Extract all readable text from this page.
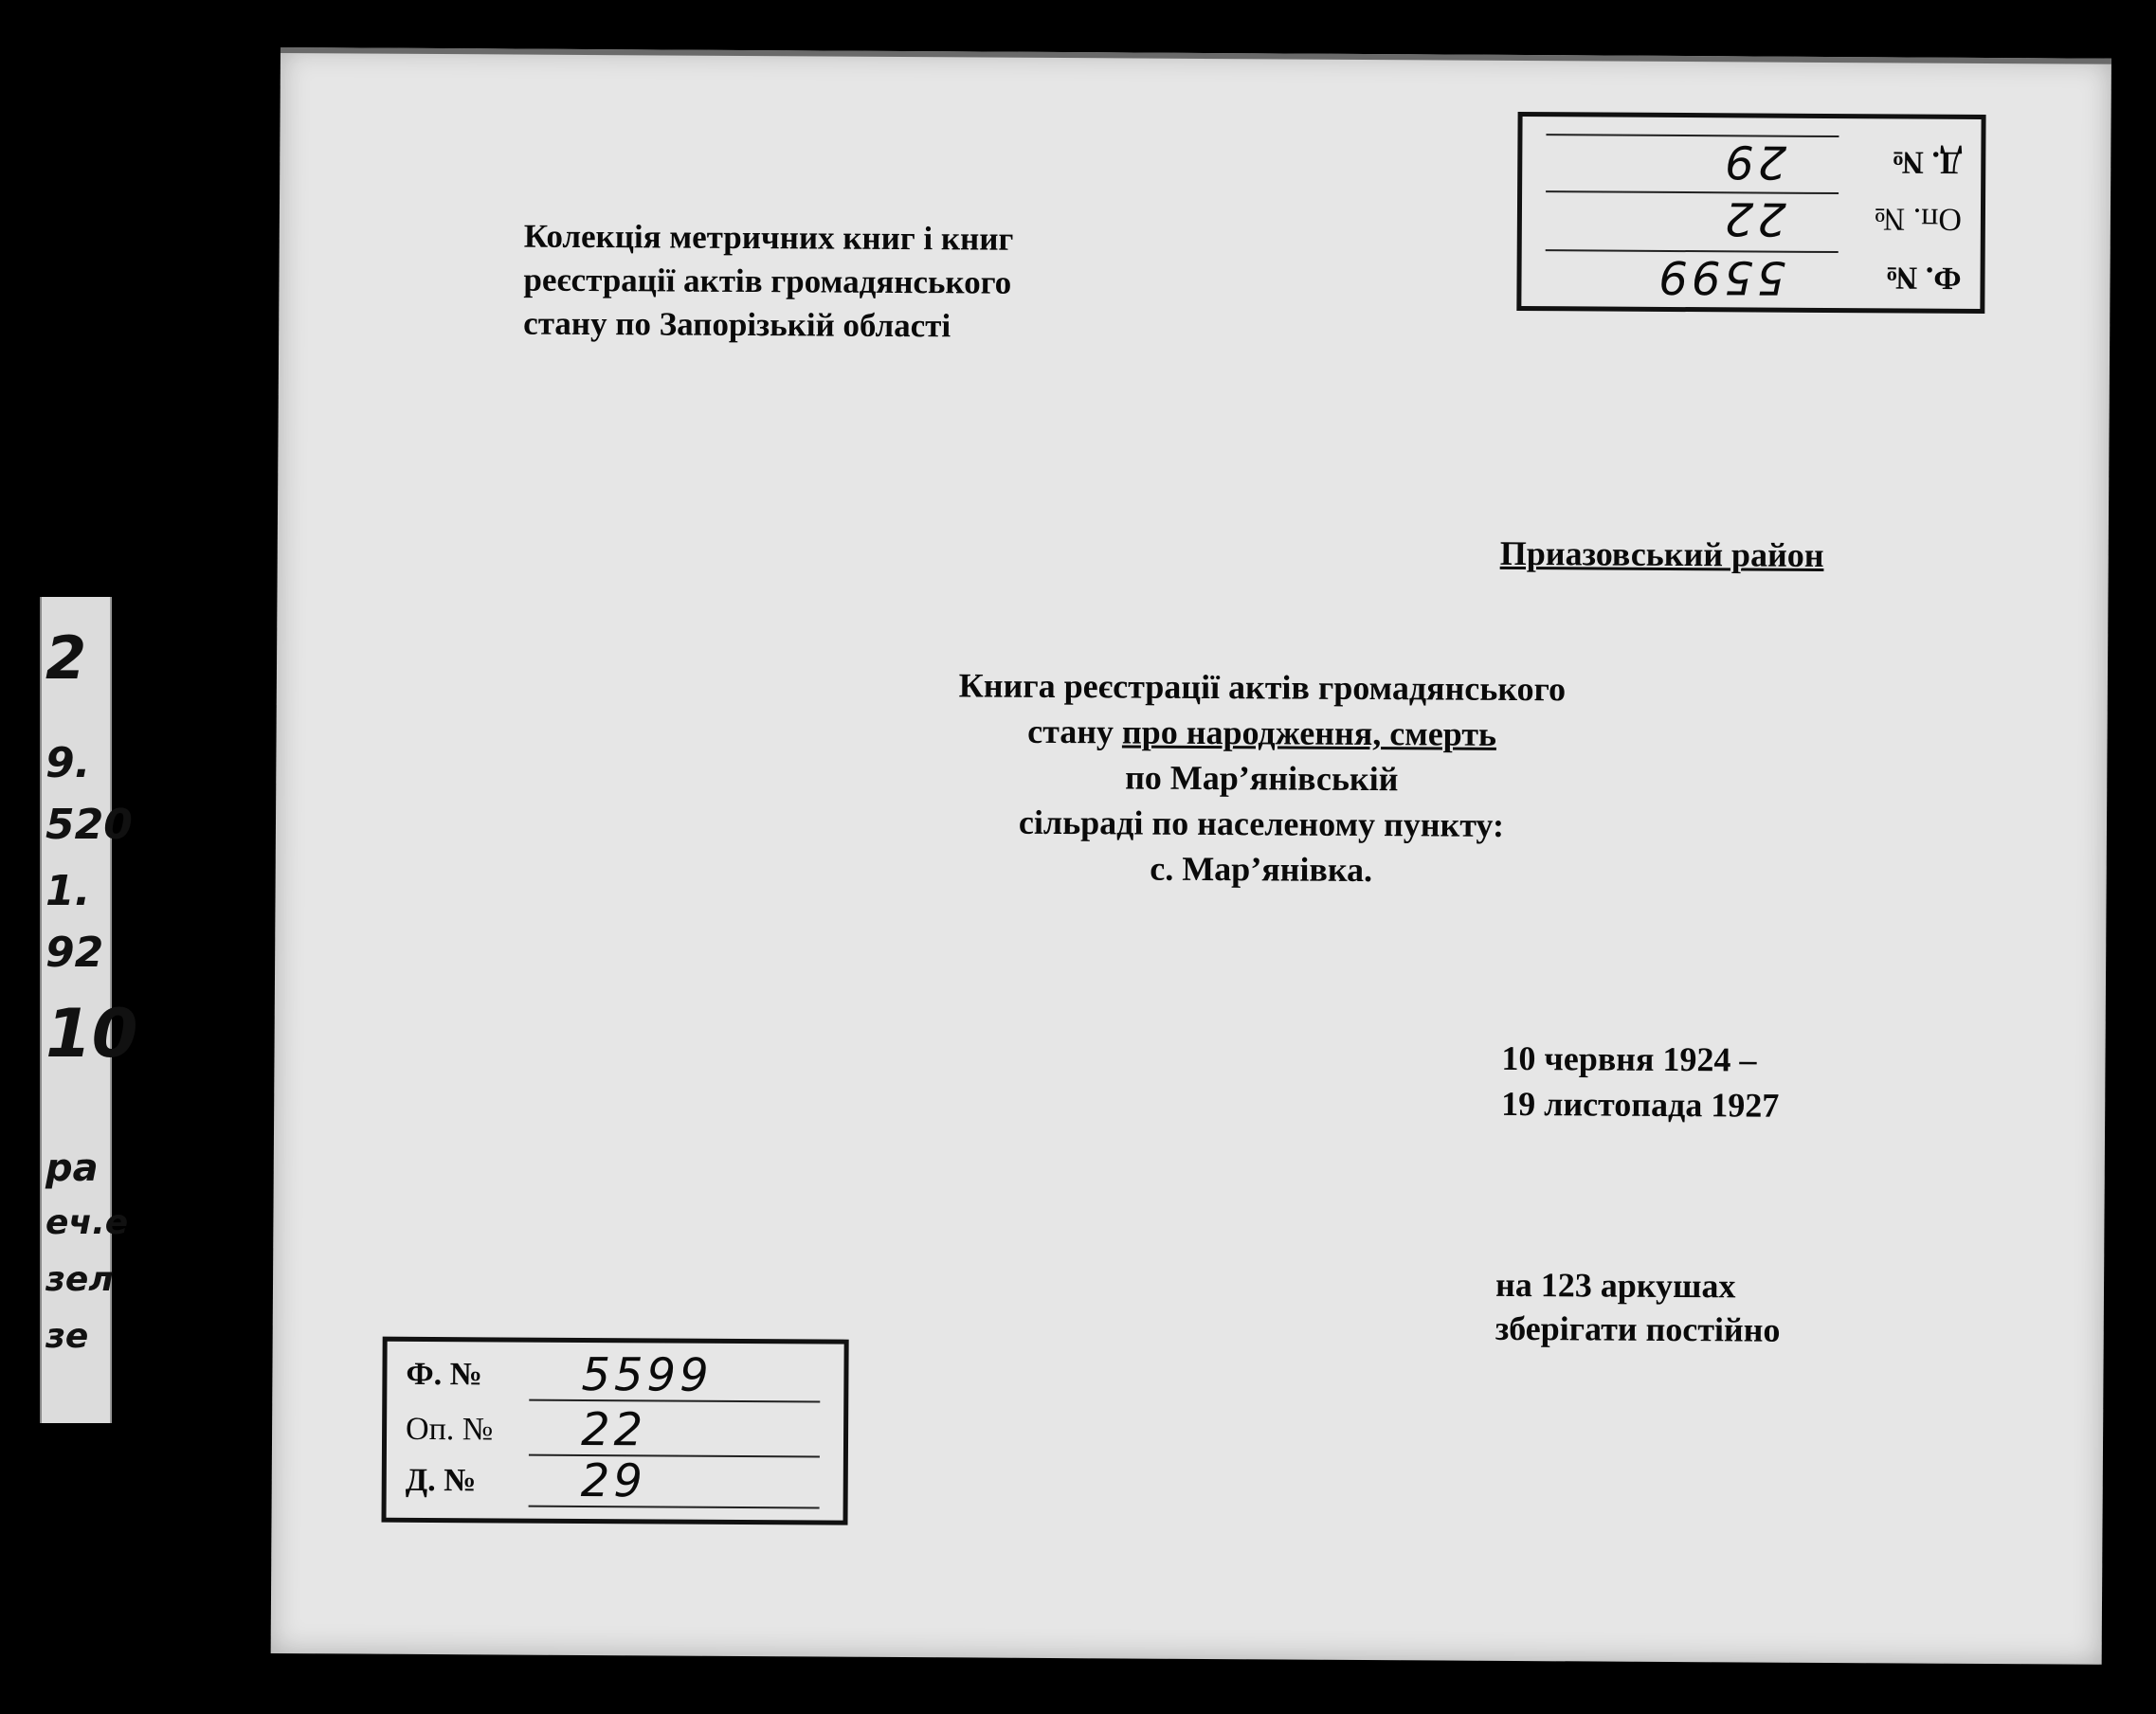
2
9.
520
1.
92
10
ра
еч.е
зел
зе
Ф. №
5599
Оп. №
22
Д. №
29
Колекція метричних книг і книг
реєстрації актів громадянського
стану по Запорізькій області
Приазовський район
Книга реєстрації актів громадянського
стану про народження, смерть
по Мар’янівській
сільраді по населеному пункту:
с. Мар’янівка.
10 червня 1924 –
19 листопада 1927
на 123 аркушах
зберігати постійно
Ф. № 5599
Оп. № 22
Д. № 29
